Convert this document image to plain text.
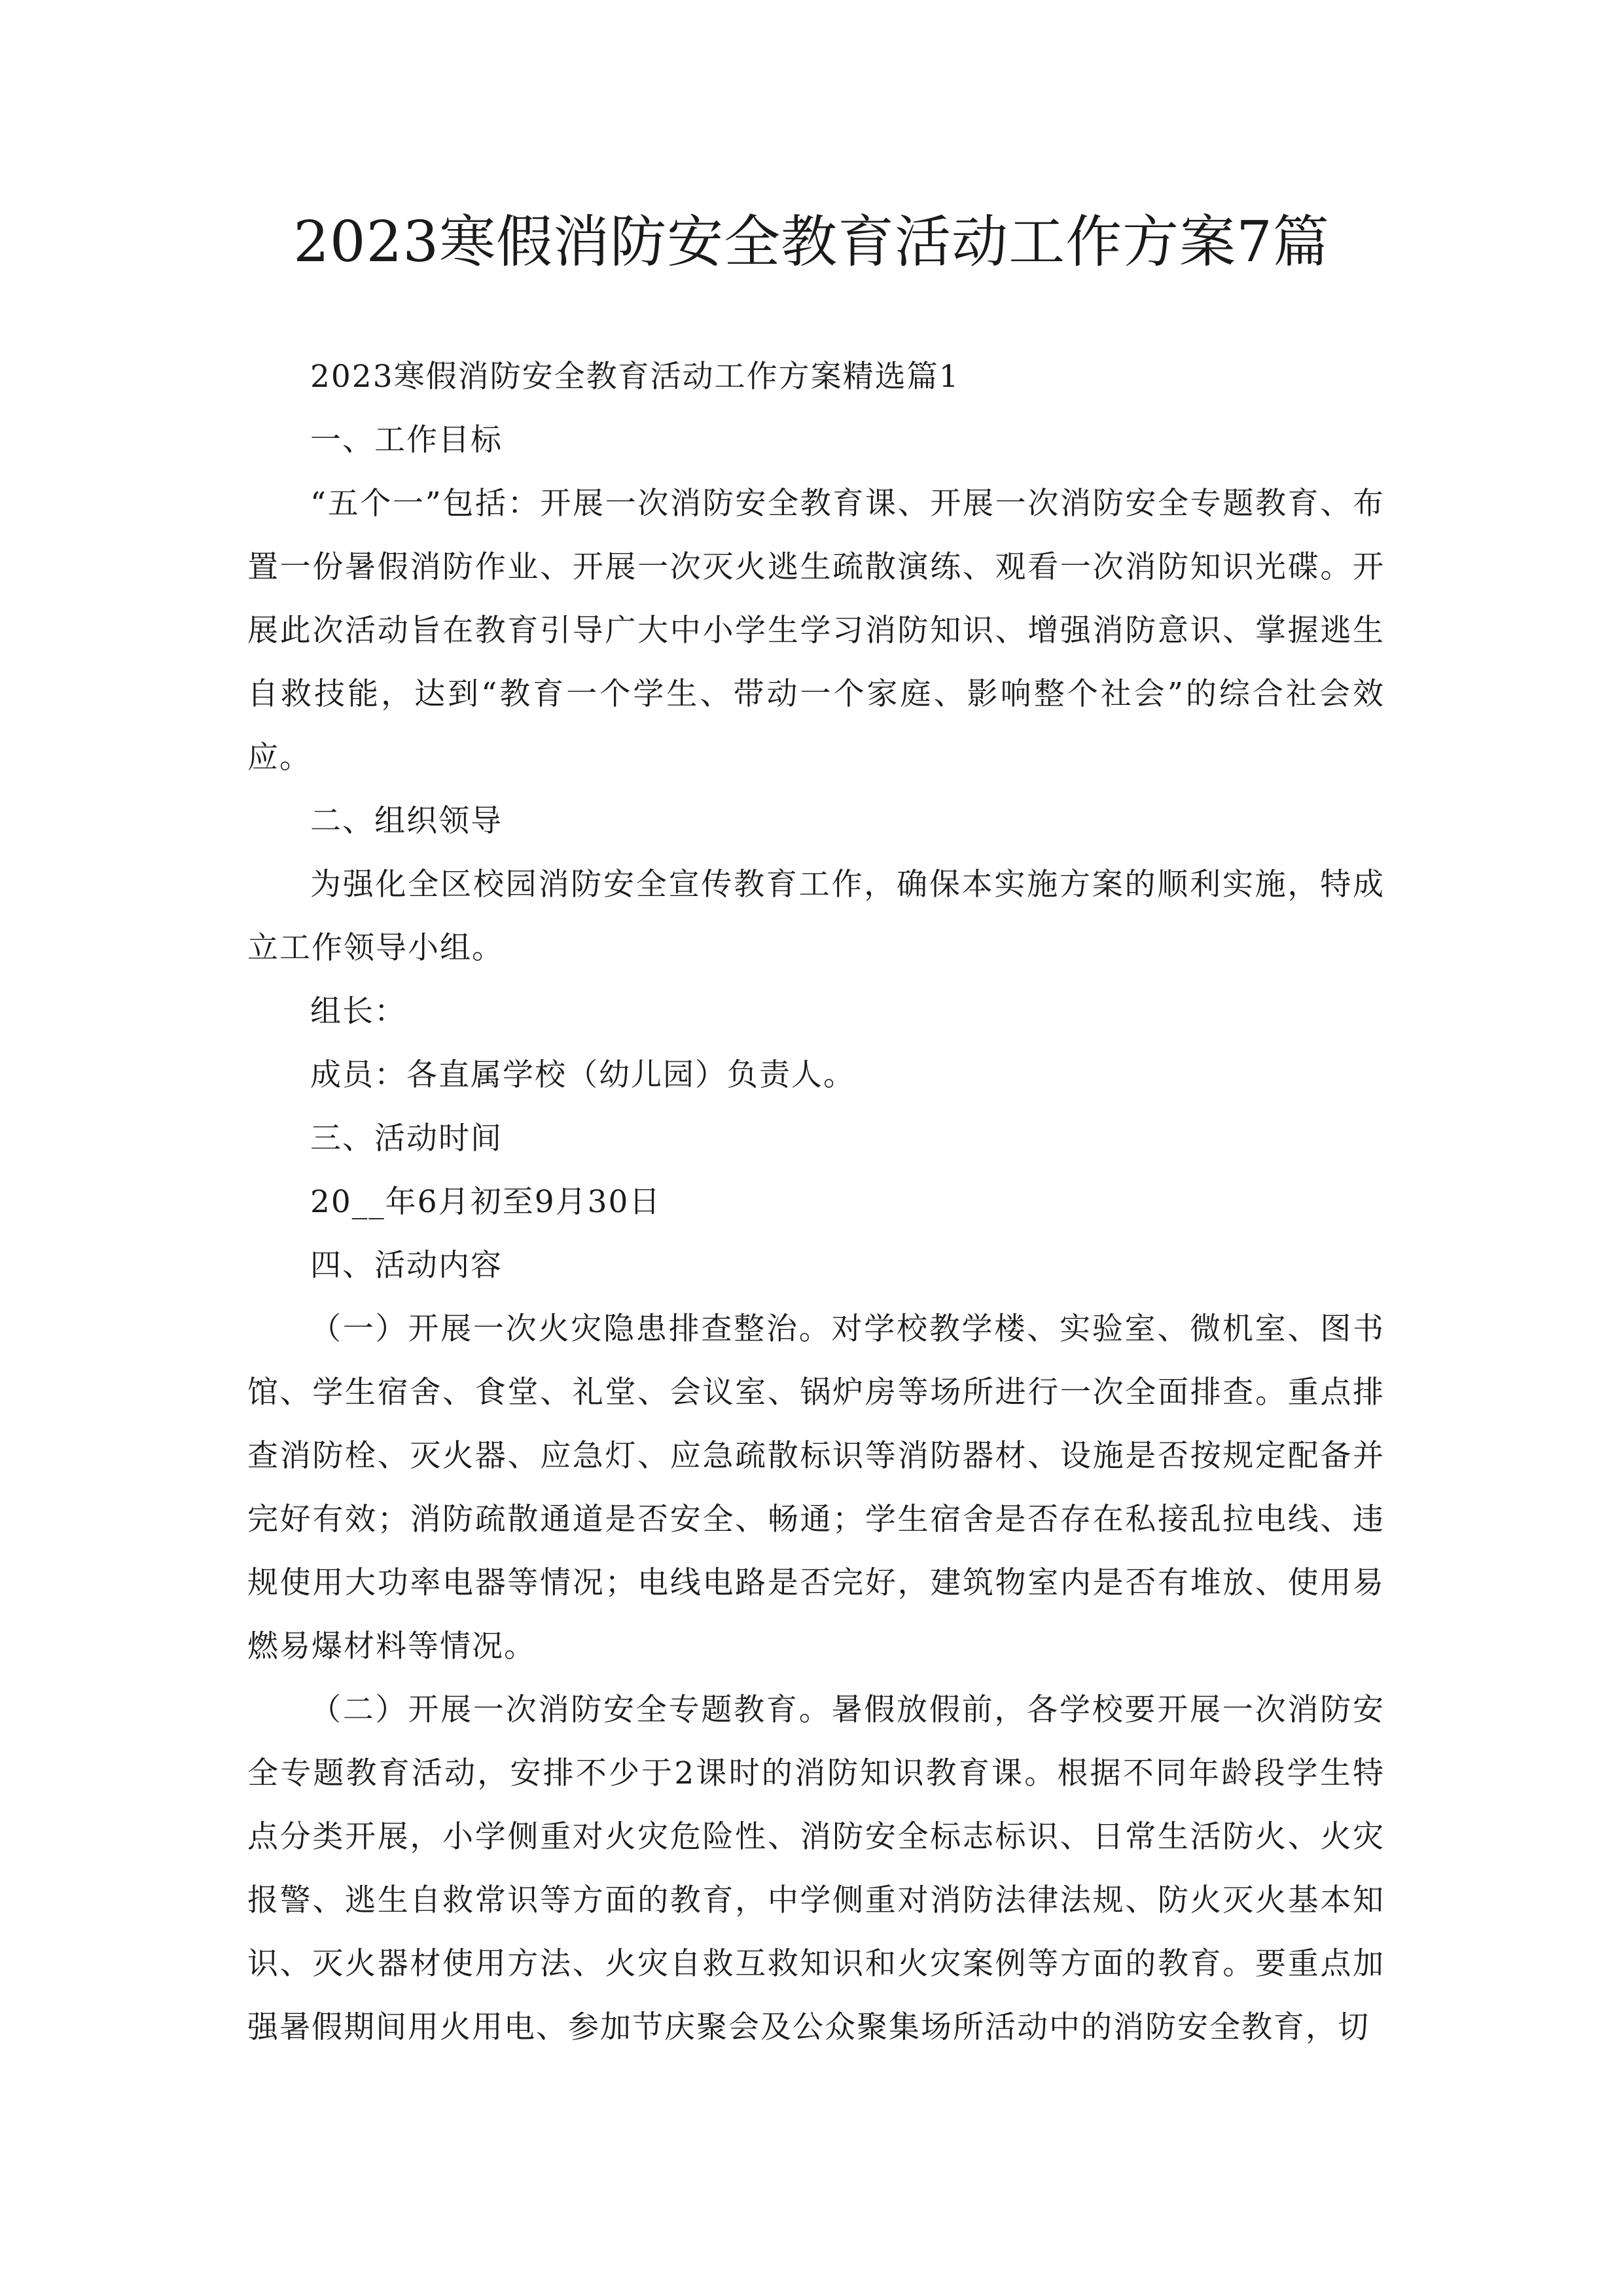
2023寒假消防安全教育活动工作方案7篇

2023寒假消防安全教育活动工作方案精选篇1

一、工作目标

“五个一”包括：开展一次消防安全教育课、开展一次消防安全专题教育、布置一份暑假消防作业、开展一次灭火逃生疏散演练、观看一次消防知识光碟。开展此次活动旨在教育引导广大中小学生学习消防知识、增强消防意识、掌握逃生自救技能，达到“教育一个学生、带动一个家庭、影响整个社会”的综合社会效应。

二、组织领导

为强化全区校园消防安全宣传教育工作，确保本实施方案的顺利实施，特成立工作领导小组。

组长：

成员：各直属学校（幼儿园）负责人。

三、活动时间

20__年6月初至9月30日

四、活动内容

（一）开展一次火灾隐患排查整治。对学校教学楼、实验室、微机室、图书馆、学生宿舍、食堂、礼堂、会议室、锅炉房等场所进行一次全面排查。重点排查消防栓、灭火器、应急灯、应急疏散标识等消防器材、设施是否按规定配备并完好有效；消防疏散通道是否安全、畅通；学生宿舍是否存在私接乱拉电线、违规使用大功率电器等情况；电线电路是否完好，建筑物室内是否有堆放、使用易燃易爆材料等情况。

（二）开展一次消防安全专题教育。暑假放假前，各学校要开展一次消防安全专题教育活动，安排不少于2课时的消防知识教育课。根据不同年龄段学生特点分类开展，小学侧重对火灾危险性、消防安全标志标识、日常生活防火、火灾报警、逃生自救常识等方面的教育，中学侧重对消防法律法规、防火灭火基本知识、灭火器材使用方法、火灾自救互救知识和火灾案例等方面的教育。要重点加强暑假期间用火用电、参加节庆聚会及公众聚集场所活动中的消防安全教育，切
